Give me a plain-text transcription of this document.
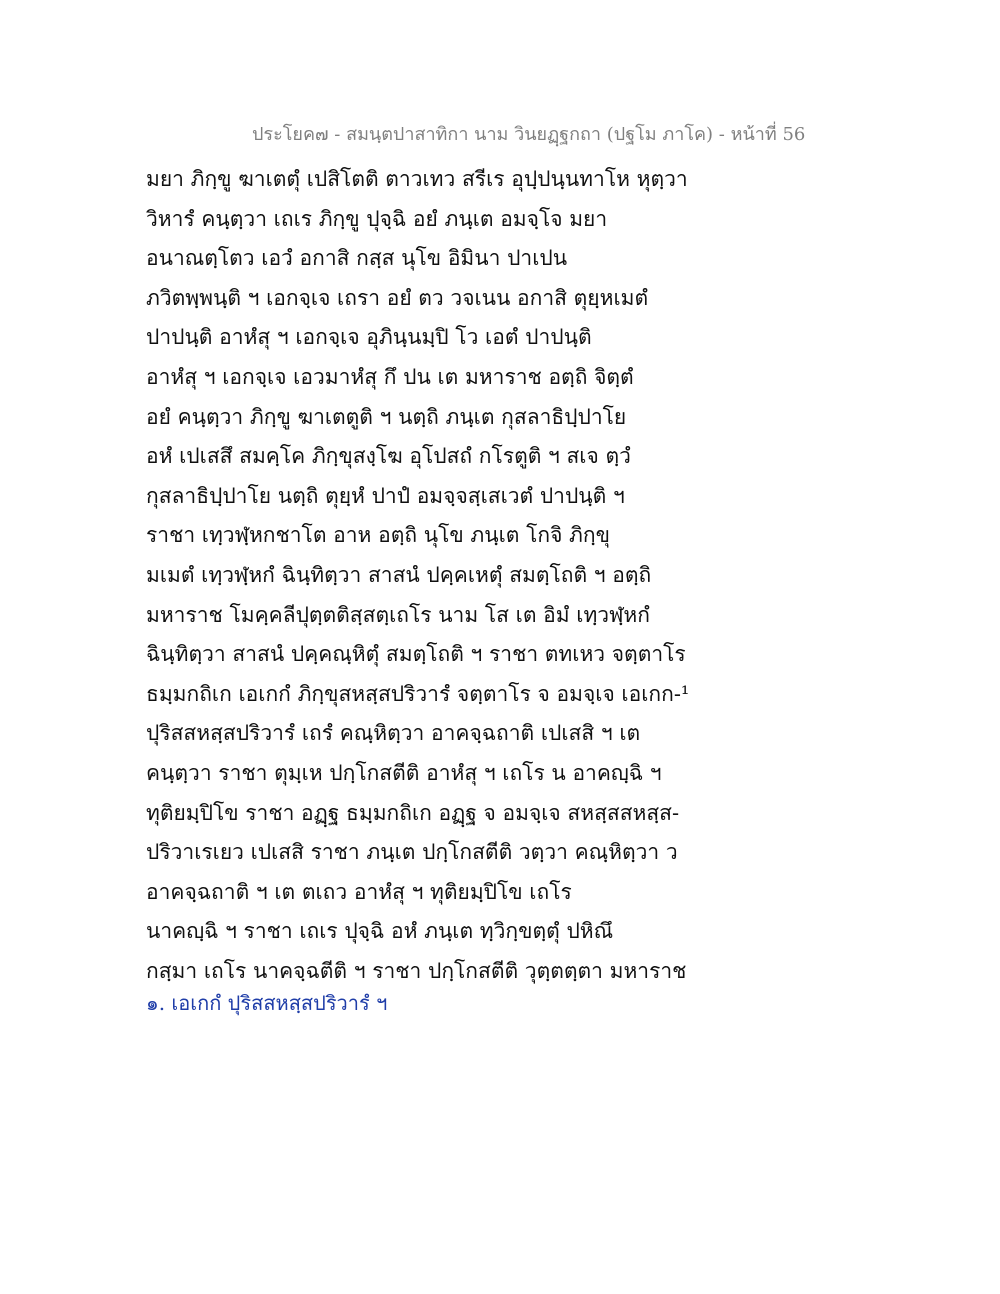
ประโยค๗ - สมนฺตปาสาทิกา นาม วินยฏฺฐกถา (ปฐโม ภาโค) - หน้าที่ 56
มยา ภิกฺขู ฆาเตตุํ เปสิโตติ ตาวเทว สรีเร อุปฺปนฺนทาโห หุตฺวา
วิหารํ คนฺตฺวา เถเร ภิกฺขู ปุจฺฉิ อยํ ภนฺเต อมจฺโจ มยา
อนาณตฺโตว เอวํ อกาสิ กสฺส นุโข อิมินา ปาเปน
ภวิตพฺพนฺติ ฯ เอกจฺเจ เถรา อยํ ตว วจเนน อกาสิ ตุยฺหเมตํ
ปาปนฺติ อาหํสุ ฯ เอกจฺเจ อุภินฺนมฺปิ โว เอตํ ปาปนฺติ
อาหํสุ ฯ เอกจฺเจ เอวมาหํสุ กึ ปน เต มหาราช อตฺถิ จิตฺตํ
อยํ คนฺตฺวา ภิกฺขู ฆาเตตูติ ฯ นตฺถิ ภนฺเต กุสลาธิปฺปาโย
อหํ เปเสสึ สมคฺโค ภิกฺขุสงฺโฆ อุโปสถํ กโรตูติ ฯ สเจ ตฺวํ
กุสลาธิปฺปาโย นตฺถิ ตุยฺหํ ปาปํ อมจฺจสฺเสเวตํ ปาปนฺติ ฯ
ราชา เทฺวฬฺหกชาโต อาห อตฺถิ นุโข ภนฺเต โกจิ ภิกฺขุ
มเมตํ เทฺวฬฺหกํ ฉินฺทิตฺวา สาสนํ ปคฺคเหตุํ สมตฺโถติ ฯ อตฺถิ
มหาราช โมคฺคลีปุตฺตติสฺสตฺเถโร นาม โส เต อิมํ เทฺวฬฺหกํ
ฉินฺทิตฺวา สาสนํ ปคฺคณฺหิตุํ สมตฺโถติ ฯ ราชา ตทเหว จตฺตาโร
ธมฺมกถิเก เอเกกํ ภิกฺขุสหสฺสปริวารํ จตฺตาโร จ อมจฺเจ เอเกก-¹
ปุริสสหสฺสปริวารํ เถรํ คณฺหิตฺวา อาคจฺฉถาติ เปเสสิ ฯ เต
คนฺตฺวา ราชา ตุมฺเห ปกฺโกสตีติ อาหํสุ ฯ เถโร น อาคญฺฉิ ฯ
ทุติยมฺปิโข ราชา อฏฺฐ ธมฺมกถิเก อฏฺฐ จ อมจฺเจ สหสฺสสหสฺส-
ปริวาเรเยว เปเสสิ ราชา ภนฺเต ปกฺโกสตีติ วตฺวา คณฺหิตฺวา ว
อาคจฺฉถาติ ฯ เต ตเถว อาหํสุ ฯ ทุติยมฺปิโข เถโร
นาคญฺฉิ ฯ ราชา เถเร ปุจฺฉิ อหํ ภนฺเต ทฺวิกฺขตฺตุํ ปหิณึ
กสฺมา เถโร นาคจฺฉตีติ ฯ ราชา ปกฺโกสตีติ วุตฺตตฺตา มหาราช
๑. เอเกกํ ปุริสสหสฺสปริวารํ ฯ
